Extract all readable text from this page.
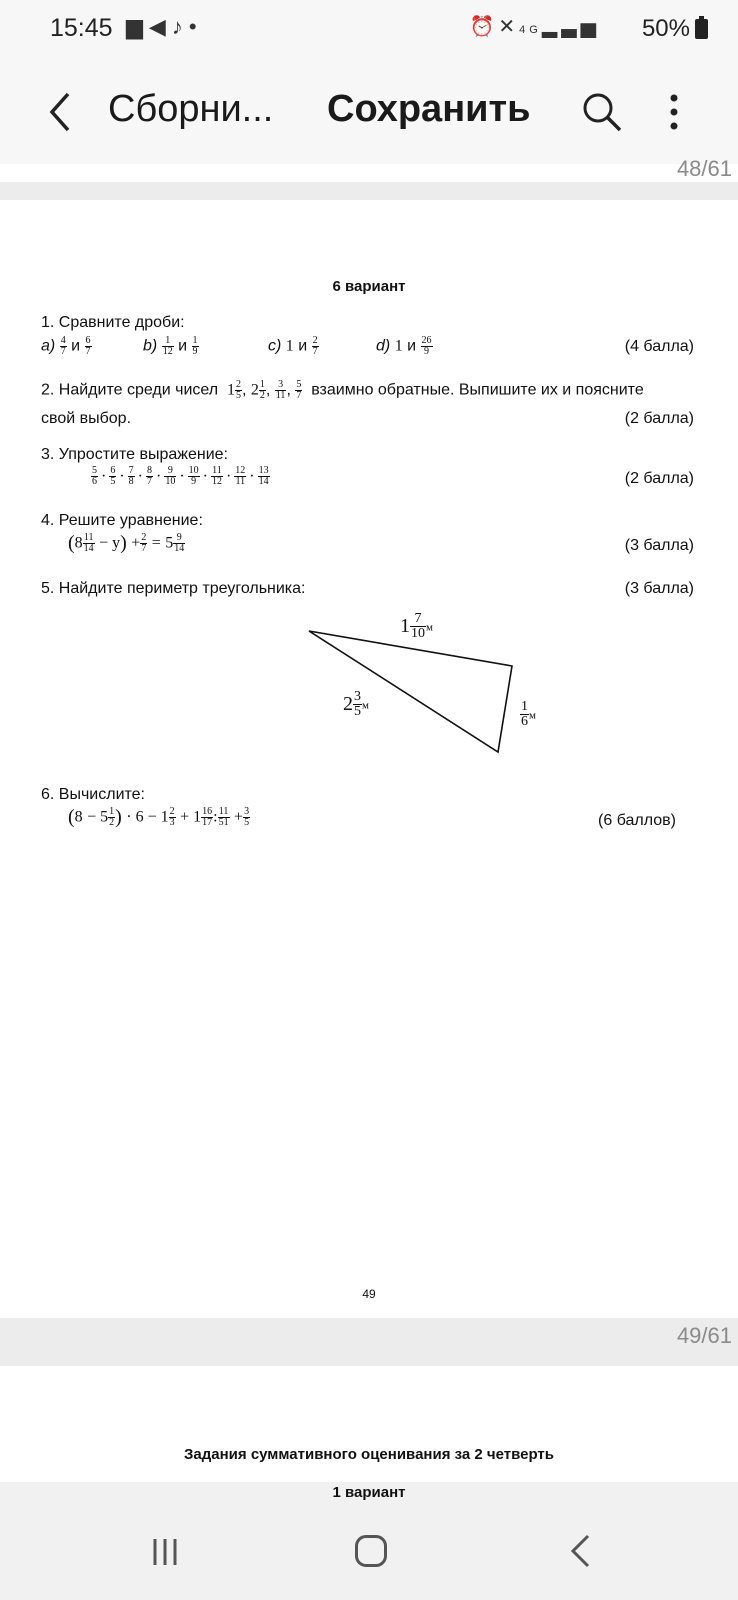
15:45 ▆◀♪•	⏰✕4G▂▃▅ 50%
Сборни... Сохранить
48/61
6 вариант
1. Сравните дроби:
$a) \frac{4}{7}$ и $\frac{6}{7}$	$b) \frac{1}{12}$ и $\frac{1}{9}$	c) 1 и $\frac{2}{7}$	d) 1 и $\frac{26}{9}$	(4 балла)
2. Найдите среди чисел $1 \frac{2}{5}$ , $2 \frac{1}{2}$ , $\frac{3}{11}$ , $\frac{5}{7}$ взаимно обратные. Выпишите их и поясните
свой выбор.	(2 балла)
3. Упростите выражение:
$\frac{5}{6} \cdot \frac{6}{5} \cdot \frac{7}{8} \cdot \frac{8}{7} \cdot \frac{9}{10} \cdot \frac{10}{9} \cdot \frac{11}{12} \cdot \frac{12}{11} \cdot \frac{13}{14}$	(2 балла)
4. Решите уравнение:
$(8 \frac{11}{14} - y) + \frac{2}{7} = 5 \frac{9}{14}$	(3 балла)
5. Найдите периметр треугольника:	(3 балла)
$1 \frac{7}{10}$ м
$2 \frac{3}{5}$ м	$\frac{1}{6}$ м
6. Вычислите:
($8 - 5 \frac{1}{2}$ ) · $6 - 1 \frac{2}{3} + 1 \frac{16}{17}$ : $\frac{11}{51} + \frac{3}{5}$	(6 баллов)
49
49/61
Задания суммативного оценивания за 2 четверть
1 вариант
